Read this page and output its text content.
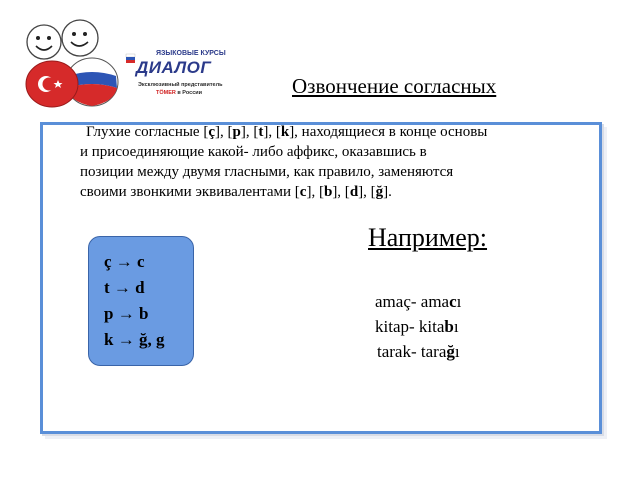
ЯЗЫКОВЫЕ КУРСЫ
ДИАЛОГ
Эксклюзивный представитель
TÖMER в России	Озвончение согласных
Глухие согласные [ç], [p], [t], [k], находящиеся в конце основы
и присоединяющие какой- либо аффикс, оказавшись в
позиции между двумя гласными, как правило, заменяются
своими звонкими эквивалентами [c], [b], [d], [ğ].
ç → c
t → d
p → b
k → ğ, g
Например:
amaç- amacı
kitap- kitabı
tarak- tarağı
